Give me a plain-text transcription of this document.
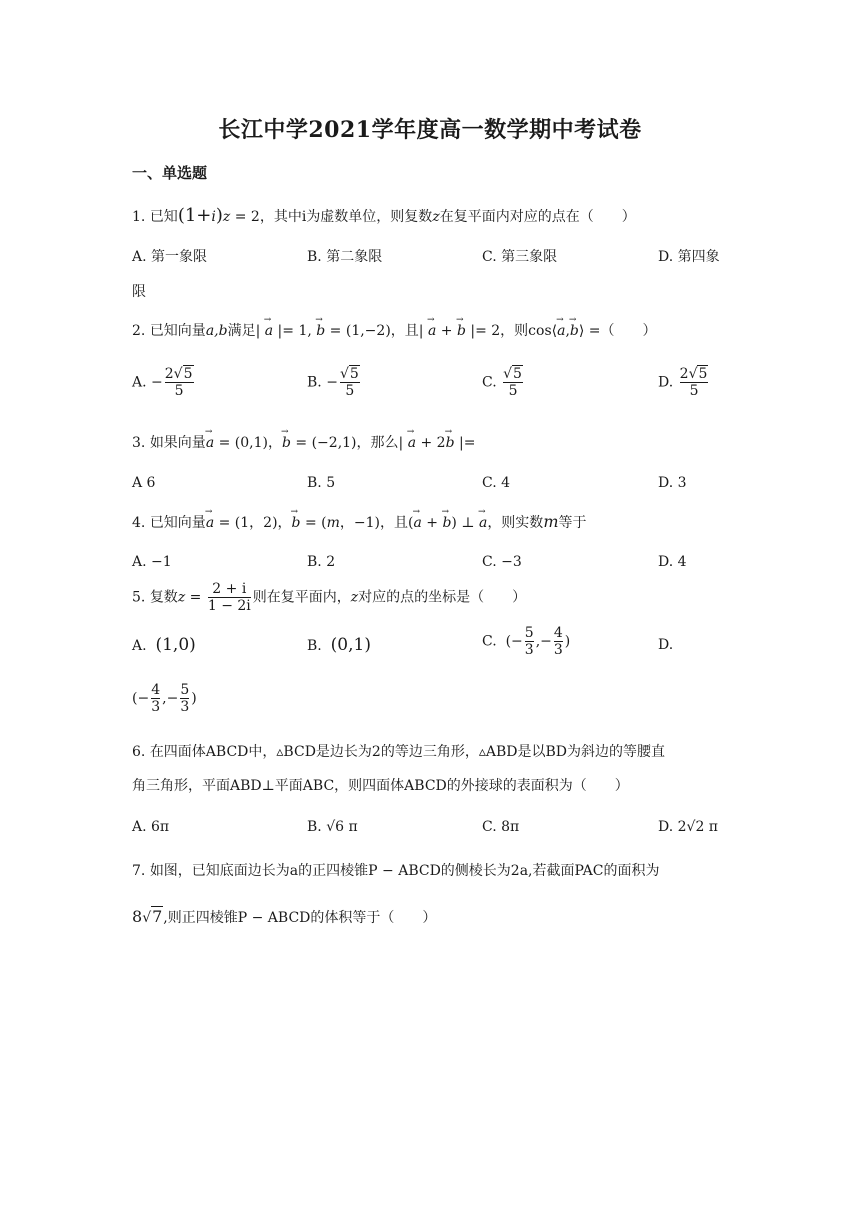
长江中学2021学年度高一数学期中考试卷
一、单选题
1. 已知(1+i)z = 2，其中i为虚数单位，则复数z在复平面内对应的点在（　　）
A. 第一象限	B. 第二象限	C. 第三象限	D. 第四象
限
2. 已知向量a,b满足| → a |= 1, → b = (1,−2)，且| → a + → b |= 2，则cos⟨→ a,→ b⟩ =（　　）
A. − $\frac{2√5}{5}$	B. − $\frac{√5}{5}$	C. $\frac{√5}{5}$	D. $\frac{2√5}{5}$
3. 如果向量→ a = (0,1)，→ b = (−2,1)，那么| → a + 2→ b |=
A 6	B. 5	C. 4	D. 3
4. 已知向量→ a = (1，2)，→ b = (m，−1)，且(→ a + → b) ⊥ → a，则实数m等于
A. −1	B. 2	C. −3	D. 4
5. 复数$z = \frac{2 + i}{1 - 2i}$ 则在复平面内，z对应的点的坐标是（　　）
A. (1,0)	B. (0,1)	C.  (− $\frac{5}{3}$ ,− $\frac{4}{3}$ )	D.
(− $\frac{4}{3}$ ,− $\frac{5}{3}$ )
6. 在四面体ABCD中，▵BCD是边长为2的等边三角形，▵ABD是以BD为斜边的等腰直
角三角形，平面ABD⊥平面ABC，则四面体ABCD的外接球的表面积为（　　）
A. 6π	B. √6 π	C. 8π	D. 2√2 π
7. 如图，已知底面边长为a的正四棱锥P − ABCD的侧棱长为2a,若截面PAC的面积为
8√7,则正四棱锥P − ABCD的体积等于（　　）
